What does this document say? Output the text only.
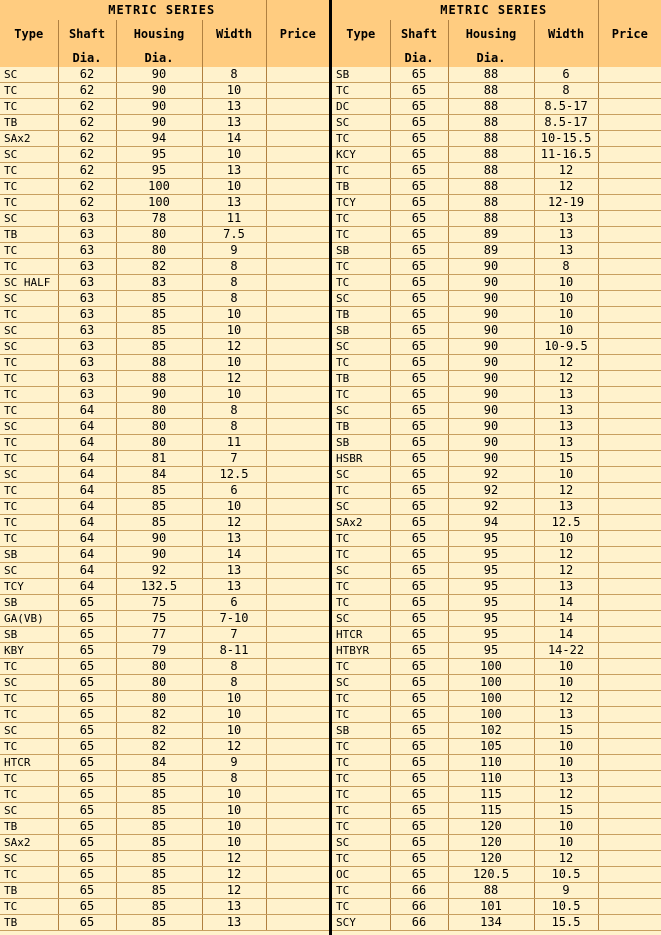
	METRIC SERIES			
Type	Shaft	Housing	Width	Price
	Dia.	Dia.		
SC	62	90	8	
TC	62	90	10	
TC	62	90	13	
TB	62	90	13	
SAx2	62	94	14	
SC	62	95	10	
TC	62	95	13	
TC	62	100	10	
TC	62	100	13	
SC	63	78	11	
TB	63	80	7.5	
TC	63	80	9	
TC	63	82	8	
SC HALF	63	83	8	
SC	63	85	8	
TC	63	85	10	
SC	63	85	10	
SC	63	85	12	
TC	63	88	10	
TC	63	88	12	
TC	63	90	10	
TC	64	80	8	
SC	64	80	8	
TC	64	80	11	
TC	64	81	7	
SC	64	84	12.5	
TC	64	85	6	
TC	64	85	10	
TC	64	85	12	
TC	64	90	13	
SB	64	90	14	
SC	64	92	13	
TCY	64	132.5	13	
SB	65	75	6	
GA(VB)	65	75	7-10	
SB	65	77	7	
KBY	65	79	8-11	
TC	65	80	8	
SC	65	80	8	
TC	65	80	10	
TC	65	82	10	
SC	65	82	10	
TC	65	82	12	
HTCR	65	84	9	
TC	65	85	8	
TC	65	85	10	
SC	65	85	10	
TB	65	85	10	
SAx2	65	85	10	
SC	65	85	12	
TC	65	85	12	
TB	65	85	12	
TC	65	85	13	
TB	65	85	13	
	METRIC SERIES			
Type	Shaft	Housing	Width	Price
	Dia.	Dia.		
SB	65	88	6	
TC	65	88	8	
DC	65	88	8.5-17	
SC	65	88	8.5-17	
TC	65	88	10-15.5	
KCY	65	88	11-16.5	
TC	65	88	12	
TB	65	88	12	
TCY	65	88	12-19	
TC	65	88	13	
TC	65	89	13	
SB	65	89	13	
TC	65	90	8	
TC	65	90	10	
SC	65	90	10	
TB	65	90	10	
SB	65	90	10	
SC	65	90	10-9.5	
TC	65	90	12	
TB	65	90	12	
TC	65	90	13	
SC	65	90	13	
TB	65	90	13	
SB	65	90	13	
HSBR	65	90	15	
SC	65	92	10	
TC	65	92	12	
SC	65	92	13	
SAx2	65	94	12.5	
TC	65	95	10	
TC	65	95	12	
SC	65	95	12	
TC	65	95	13	
TC	65	95	14	
SC	65	95	14	
HTCR	65	95	14	
HTBYR	65	95	14-22	
TC	65	100	10	
SC	65	100	10	
TC	65	100	12	
TC	65	100	13	
SB	65	102	15	
TC	65	105	10	
TC	65	110	10	
TC	65	110	13	
TC	65	115	12	
TC	65	115	15	
TC	65	120	10	
SC	65	120	10	
TC	65	120	12	
OC	65	120.5	10.5	
TC	66	88	9	
TC	66	101	10.5	
SCY	66	134	15.5	
